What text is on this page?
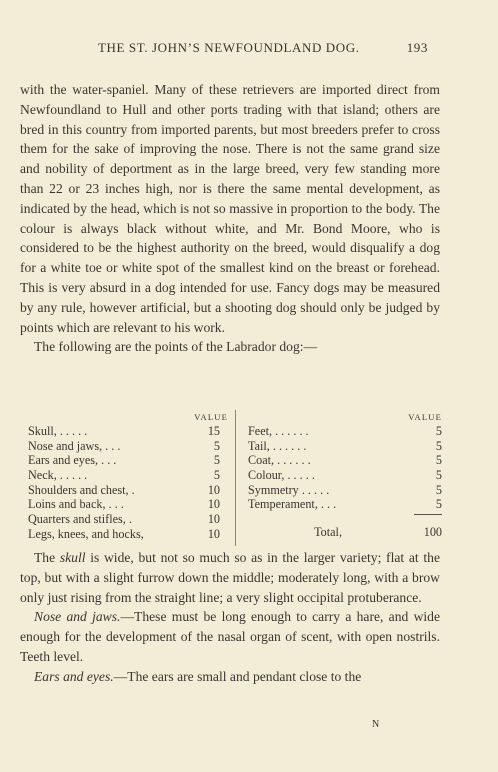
THE ST. JOHN’S NEWFOUNDLAND DOG.	193

with the water-spaniel. Many of these retrievers are imported direct from Newfoundland to Hull and other ports trading with that island; others are bred in this country from imported parents, but most breeders prefer to cross them for the sake of improving the nose. There is not the same grand size and nobility of deportment as in the large breed, very few standing more than 22 or 23 inches high, nor is there the same mental development, as indicated by the head, which is not so massive in proportion to the body. The colour is always black without white, and Mr. Bond Moore, who is considered to be the highest authority on the breed, would disqualify a dog for a white toe or white spot of the smallest kind on the breast or forehead. This is very absurd in a dog intended for use. Fancy dogs may be measured by any rule, however artificial, but a shooting dog should only be judged by points which are relevant to his work.

The following are the points of the Labrador dog:—

VALUE
Skull, . . . . .	15
Nose and jaws, . . .	5
Ears and eyes, . . .	5
Neck, . . . . .	5
Shoulders and chest, .	10
Loins and back, . . .	10
Quarters and stifles, .	10
Legs, knees, and hocks,	10
VALUE
Feet, . . . . . .	5
Tail, . . . . . .	5
Coat, . . . . . .	5
Colour, . . . . .	5
Symmetry . . . . .	5
Temperament, . . .	5
Total,	100

The skull is wide, but not so much so as in the larger variety; flat at the top, but with a slight furrow down the middle; moderately long, with a brow only just rising from the straight line; a very slight occipital protuberance.

Nose and jaws.—These must be long enough to carry a hare, and wide enough for the development of the nasal organ of scent, with open nostrils. Teeth level.

Ears and eyes.—The ears are small and pendant close to the

N
